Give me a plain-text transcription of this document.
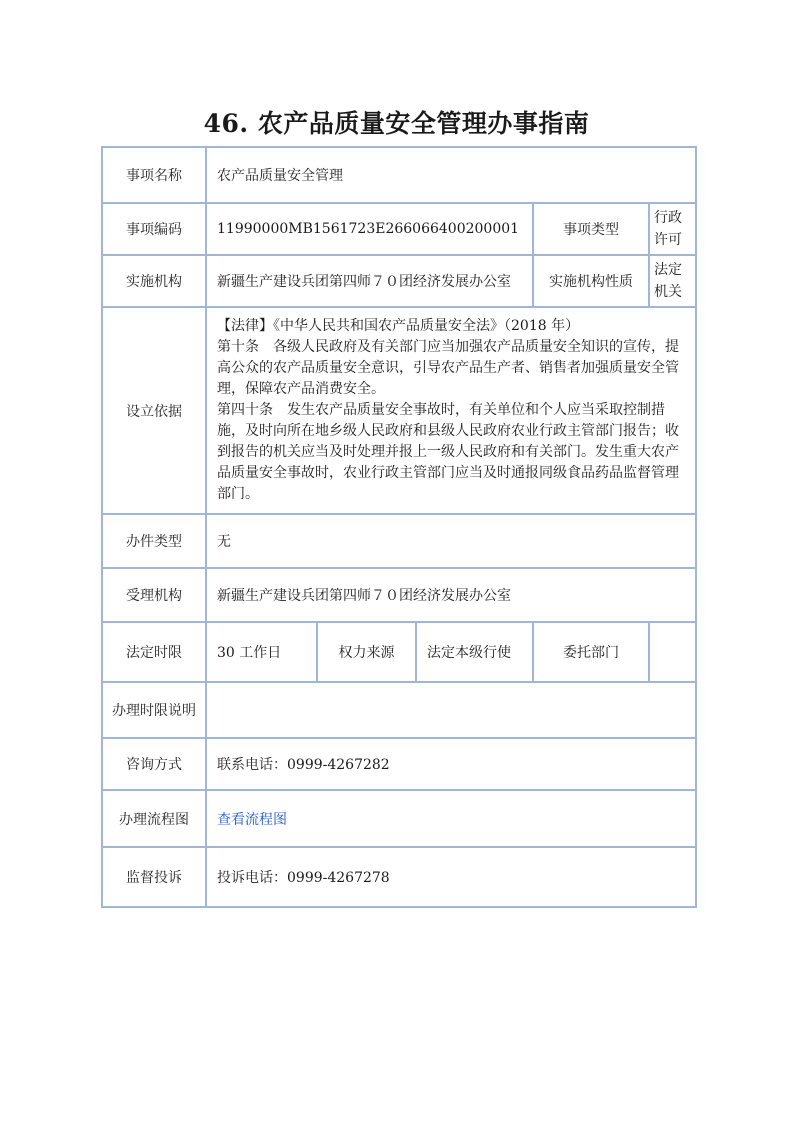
46. 农产品质量安全管理办事指南
事项名称	农产品质量安全管理				
事项编码	11990000MB1561723E266066400200001			事项类型	行政许可
实施机构	新疆生产建设兵团第四师７０团经济发展办公室			实施机构性质	法定机关
设立依据	【法律】《中华人民共和国农产品质量安全法》（2018 年）
第十条　各级人民政府及有关部门应当加强农产品质量安全知识的宣传，提高公众的农产品质量安全意识，引导农产品生产者、销售者加强质量安全管理，保障农产品消费安全。
第四十条　发生农产品质量安全事故时，有关单位和个人应当采取控制措施，及时向所在地乡级人民政府和县级人民政府农业行政主管部门报告；收到报告的机关应当及时处理并报上一级人民政府和有关部门。发生重大农产品质量安全事故时，农业行政主管部门应当及时通报同级食品药品监督管理部门。				

办件类型	无				
受理机构	新疆生产建设兵团第四师７０团经济发展办公室				
法定时限	30 工作日	权力来源	法定本级行使	委托部门	
办理时限说明					
咨询方式	联系电话：0999-4267282				
办理流程图	查看流程图				
监督投诉	投诉电话：0999-4267278				
